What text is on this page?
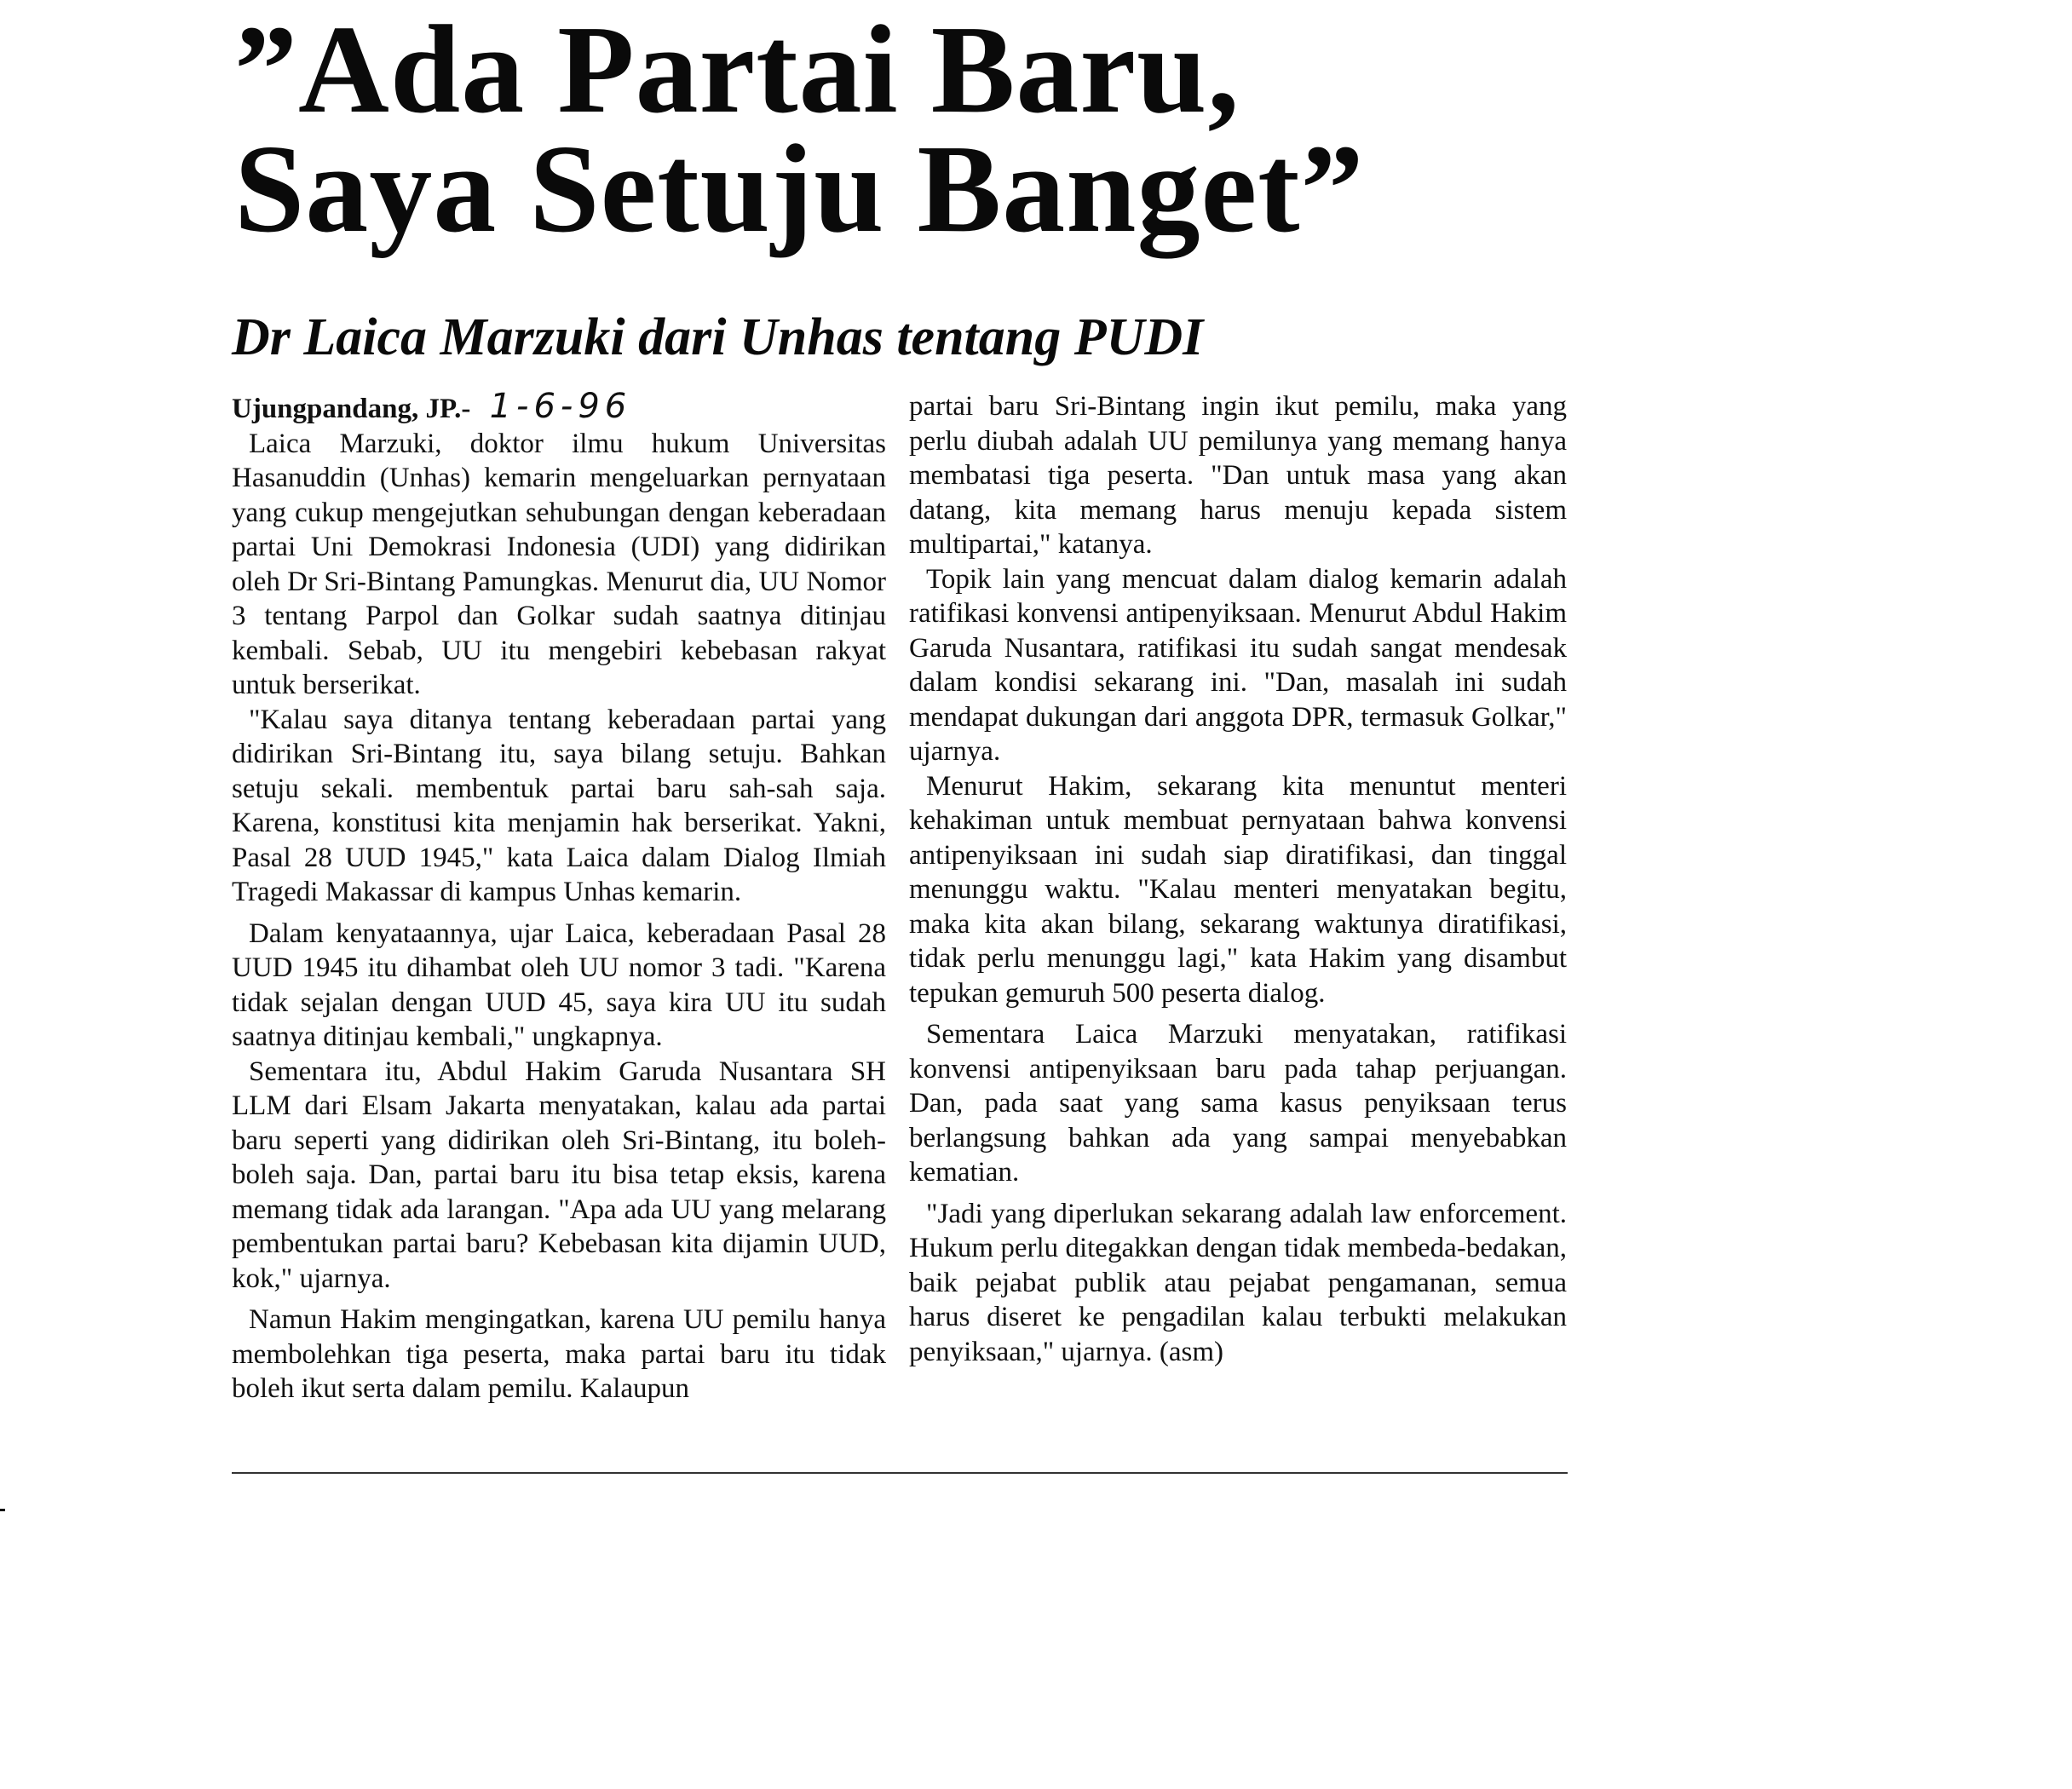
”Ada Partai Baru,
Saya Setuju Banget”
Dr Laica Marzuki dari Unhas tentang PUDI
Ujungpandang, JP.- 1-6-96

Laica Marzuki, doktor ilmu hukum Universitas Hasanuddin (Unhas) kemarin mengeluarkan pernyataan yang cukup mengejutkan sehubungan dengan keberadaan partai Uni Demokrasi Indonesia (UDI) yang didirikan oleh Dr Sri-Bintang Pamungkas. Menurut dia, UU Nomor 3 tentang Parpol dan Golkar sudah saatnya ditinjau kembali. Sebab, UU itu mengebiri kebebasan rakyat untuk berserikat.

"Kalau saya ditanya tentang keberadaan partai yang didirikan Sri-Bintang itu, saya bilang setuju. Bahkan setuju sekali. membentuk partai baru sah-sah saja. Karena, konstitusi kita menjamin hak berserikat. Yakni, Pasal 28 UUD 1945," kata Laica dalam Dialog Ilmiah Tragedi Makassar di kampus Unhas kemarin.

Dalam kenyataannya, ujar Laica, keberadaan Pasal 28 UUD 1945 itu dihambat oleh UU nomor 3 tadi. "Karena tidak sejalan dengan UUD 45, saya kira UU itu sudah saatnya ditinjau kembali," ungkapnya.

Sementara itu, Abdul Hakim Garuda Nusantara SH LLM dari Elsam Jakarta menyatakan, kalau ada partai baru seperti yang didirikan oleh Sri-Bintang, itu boleh-boleh saja. Dan, partai baru itu bisa tetap eksis, karena memang tidak ada larangan. "Apa ada UU yang melarang pembentukan partai baru? Kebebasan kita dijamin UUD, kok," ujarnya.

Namun Hakim mengingatkan, karena UU pemilu hanya membolehkan tiga peserta, maka partai baru itu tidak boleh ikut serta dalam pemilu. Kalaupun

partai baru Sri-Bintang ingin ikut pemilu, maka yang perlu diubah adalah UU pemilunya yang memang hanya membatasi tiga peserta. "Dan untuk masa yang akan datang, kita memang harus menuju kepada sistem multipartai," katanya.

Topik lain yang mencuat dalam dialog kemarin adalah ratifikasi konvensi antipenyiksaan. Menurut Abdul Hakim Garuda Nusantara, ratifikasi itu sudah sangat mendesak dalam kondisi sekarang ini. "Dan, masalah ini sudah mendapat dukungan dari anggota DPR, termasuk Golkar," ujarnya.

Menurut Hakim, sekarang kita menuntut menteri kehakiman untuk membuat pernyataan bahwa konvensi antipenyiksaan ini sudah siap diratifikasi, dan tinggal menunggu waktu. "Kalau menteri menyatakan begitu, maka kita akan bilang, sekarang waktunya diratifikasi, tidak perlu menunggu lagi," kata Hakim yang disambut tepukan gemuruh 500 peserta dialog.

Sementara Laica Marzuki menyatakan, ratifikasi konvensi antipenyiksaan baru pada tahap perjuangan. Dan, pada saat yang sama kasus penyiksaan terus berlangsung bahkan ada yang sampai menyebabkan kematian.

"Jadi yang diperlukan sekarang adalah law enforcement. Hukum perlu ditegakkan dengan tidak membeda-bedakan, baik pejabat publik atau pejabat pengamanan, semua harus diseret ke pengadilan kalau terbukti melakukan penyiksaan," ujarnya. (asm)
